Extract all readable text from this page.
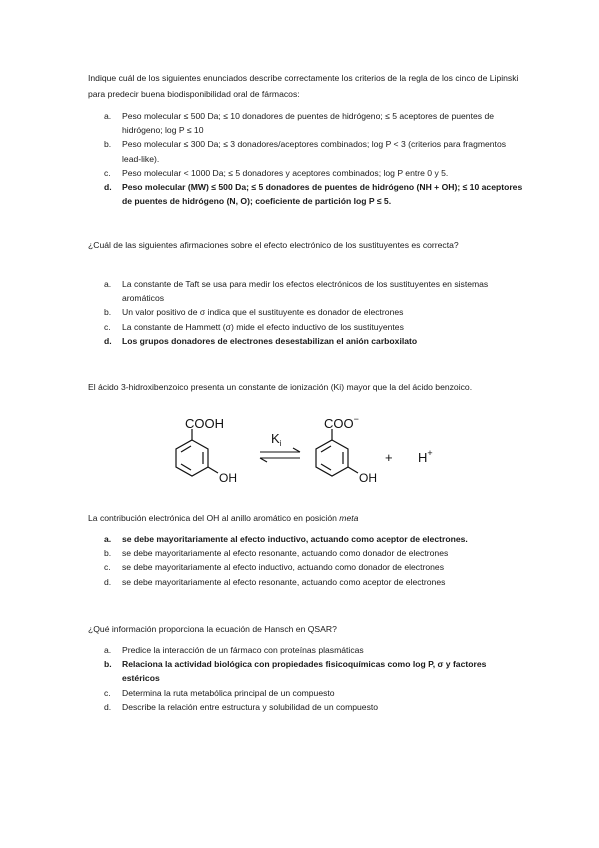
Indique cuál de los siguientes enunciados describe correctamente los criterios de la regla de los cinco de Lipinski para predecir buena biodisponibilidad oral de fármacos:
a. Peso molecular ≤ 500 Da; ≤ 10 donadores de puentes de hidrógeno; ≤ 5 aceptores de puentes de hidrógeno; log P ≤ 10
b. Peso molecular ≤ 300 Da; ≤ 3 donadores/aceptores combinados; log P < 3 (criterios para fragmentos lead-like).
c. Peso molecular < 1000 Da; ≤ 5 donadores y aceptores combinados; log P entre 0 y 5.
d. Peso molecular (MW) ≤ 500 Da; ≤ 5 donadores de puentes de hidrógeno (NH + OH); ≤ 10 aceptores de puentes de hidrógeno (N, O); coeficiente de partición log P ≤ 5.
¿Cuál de las siguientes afirmaciones sobre el efecto electrónico de los sustituyentes es correcta?
a. La constante de Taft se usa para medir los efectos electrónicos de los sustituyentes en sistemas aromáticos
b. Un valor positivo de σ indica que el sustituyente es donador de electrones
c. La constante de Hammett (σ) mide el efecto inductivo de los sustituyentes
d. Los grupos donadores de electrones desestabilizan el anión carboxilato
El ácido 3-hidroxibenzoico presenta un constante de ionización (Ki) mayor que la del ácido benzoico.
COOH
OH
$K_i$
COO−
OH
+ H+
La contribución electrónica del OH al anillo aromático en posición meta
a. se debe mayoritariamente al efecto inductivo, actuando como aceptor de electrones.
b. se debe mayoritariamente al efecto resonante, actuando como donador de electrones
c. se debe mayoritariamente al efecto inductivo, actuando como donador de electrones
d. se debe mayoritariamente al efecto resonante, actuando como aceptor de electrones
¿Qué información proporciona la ecuación de Hansch en QSAR?
a. Predice la interacción de un fármaco con proteínas plasmáticas
b. Relaciona la actividad biológica con propiedades fisicoquímicas como log P, σ y factores estéricos
c. Determina la ruta metabólica principal de un compuesto
d. Describe la relación entre estructura y solubilidad de un compuesto
